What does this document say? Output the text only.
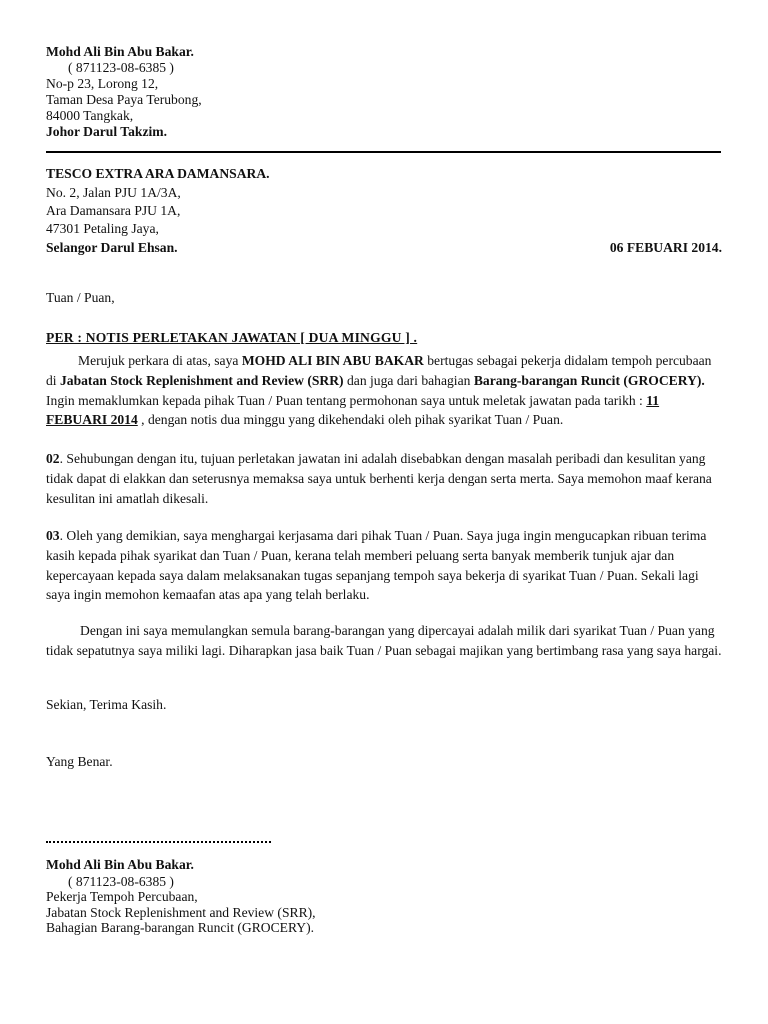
Mohd Ali Bin Abu Bakar.
( 871123-08-6385 )
No-p 23, Lorong 12,
Taman Desa Paya Terubong,
84000 Tangkak,
Johor Darul Takzim.
TESCO EXTRA ARA DAMANSARA.
No. 2, Jalan PJU 1A/3A,
Ara Damansara PJU 1A,
47301 Petaling Jaya,
Selangor Darul Ehsan.	06 FEBUARI 2014.
Tuan / Puan,
PER : NOTIS PERLETAKAN JAWATAN [ DUA MINGGU ] .
Merujuk perkara di atas, saya MOHD ALI BIN ABU BAKAR bertugas sebagai pekerja didalam tempoh percubaan di Jabatan Stock Replenishment and Review (SRR) dan juga dari bahagian Barang-barangan Runcit (GROCERY). Ingin memaklumkan kepada pihak Tuan / Puan tentang permohonan saya untuk meletak jawatan pada tarikh : 11 FEBUARI 2014 , dengan notis dua minggu yang dikehendaki oleh pihak syarikat Tuan / Puan.
02. Sehubungan dengan itu, tujuan perletakan jawatan ini adalah disebabkan dengan masalah peribadi dan kesulitan yang tidak dapat di elakkan dan seterusnya memaksa saya untuk berhenti kerja dengan serta merta. Saya memohon maaf kerana kesulitan ini amatlah dikesali.
03. Oleh yang demikian, saya menghargai kerjasama dari pihak Tuan / Puan. Saya juga ingin mengucapkan ribuan terima kasih kepada pihak syarikat dan Tuan / Puan, kerana telah memberi peluang serta banyak memberik tunjuk ajar dan kepercayaan kepada saya dalam melaksanakan tugas sepanjang tempoh saya bekerja di syarikat Tuan / Puan. Sekali lagi saya ingin memohon kemaafan atas apa yang telah berlaku.
Dengan ini saya memulangkan semula barang-barangan yang dipercayai adalah milik dari syarikat Tuan / Puan yang tidak sepatutnya saya miliki lagi. Diharapkan jasa baik Tuan / Puan sebagai majikan yang bertimbang rasa yang saya hargai.
Sekian, Terima Kasih.
Yang Benar.
Mohd Ali Bin Abu Bakar.
( 871123-08-6385 )
Pekerja Tempoh Percubaan,
Jabatan Stock Replenishment and Review (SRR),
Bahagian Barang-barangan Runcit (GROCERY).
